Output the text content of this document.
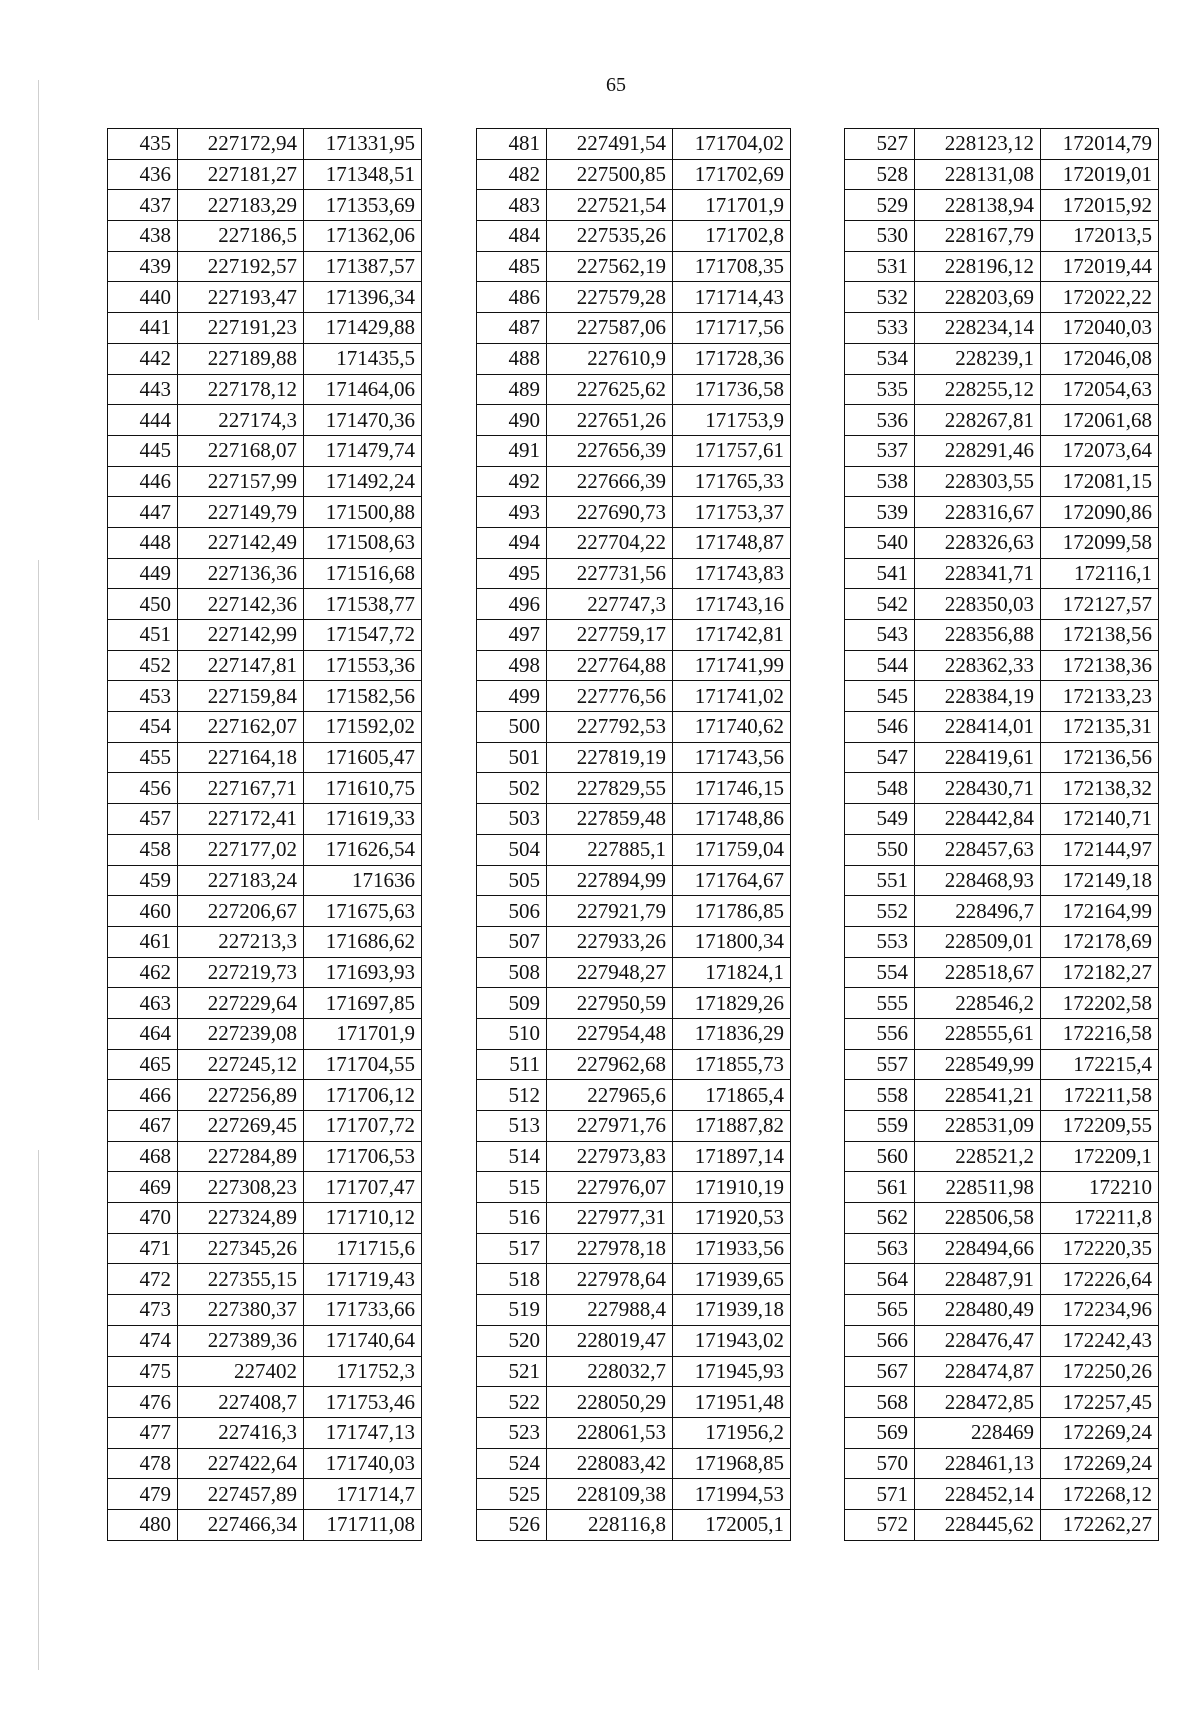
65
435	227172,94	171331,95
436	227181,27	171348,51
437	227183,29	171353,69
438	227186,5	171362,06
439	227192,57	171387,57
440	227193,47	171396,34
441	227191,23	171429,88
442	227189,88	171435,5
443	227178,12	171464,06
444	227174,3	171470,36
445	227168,07	171479,74
446	227157,99	171492,24
447	227149,79	171500,88
448	227142,49	171508,63
449	227136,36	171516,68
450	227142,36	171538,77
451	227142,99	171547,72
452	227147,81	171553,36
453	227159,84	171582,56
454	227162,07	171592,02
455	227164,18	171605,47
456	227167,71	171610,75
457	227172,41	171619,33
458	227177,02	171626,54
459	227183,24	171636
460	227206,67	171675,63
461	227213,3	171686,62
462	227219,73	171693,93
463	227229,64	171697,85
464	227239,08	171701,9
465	227245,12	171704,55
466	227256,89	171706,12
467	227269,45	171707,72
468	227284,89	171706,53
469	227308,23	171707,47
470	227324,89	171710,12
471	227345,26	171715,6
472	227355,15	171719,43
473	227380,37	171733,66
474	227389,36	171740,64
475	227402	171752,3
476	227408,7	171753,46
477	227416,3	171747,13
478	227422,64	171740,03
479	227457,89	171714,7
480	227466,34	171711,08
481	227491,54	171704,02
482	227500,85	171702,69
483	227521,54	171701,9
484	227535,26	171702,8
485	227562,19	171708,35
486	227579,28	171714,43
487	227587,06	171717,56
488	227610,9	171728,36
489	227625,62	171736,58
490	227651,26	171753,9
491	227656,39	171757,61
492	227666,39	171765,33
493	227690,73	171753,37
494	227704,22	171748,87
495	227731,56	171743,83
496	227747,3	171743,16
497	227759,17	171742,81
498	227764,88	171741,99
499	227776,56	171741,02
500	227792,53	171740,62
501	227819,19	171743,56
502	227829,55	171746,15
503	227859,48	171748,86
504	227885,1	171759,04
505	227894,99	171764,67
506	227921,79	171786,85
507	227933,26	171800,34
508	227948,27	171824,1
509	227950,59	171829,26
510	227954,48	171836,29
511	227962,68	171855,73
512	227965,6	171865,4
513	227971,76	171887,82
514	227973,83	171897,14
515	227976,07	171910,19
516	227977,31	171920,53
517	227978,18	171933,56
518	227978,64	171939,65
519	227988,4	171939,18
520	228019,47	171943,02
521	228032,7	171945,93
522	228050,29	171951,48
523	228061,53	171956,2
524	228083,42	171968,85
525	228109,38	171994,53
526	228116,8	172005,1
527	228123,12	172014,79
528	228131,08	172019,01
529	228138,94	172015,92
530	228167,79	172013,5
531	228196,12	172019,44
532	228203,69	172022,22
533	228234,14	172040,03
534	228239,1	172046,08
535	228255,12	172054,63
536	228267,81	172061,68
537	228291,46	172073,64
538	228303,55	172081,15
539	228316,67	172090,86
540	228326,63	172099,58
541	228341,71	172116,1
542	228350,03	172127,57
543	228356,88	172138,56
544	228362,33	172138,36
545	228384,19	172133,23
546	228414,01	172135,31
547	228419,61	172136,56
548	228430,71	172138,32
549	228442,84	172140,71
550	228457,63	172144,97
551	228468,93	172149,18
552	228496,7	172164,99
553	228509,01	172178,69
554	228518,67	172182,27
555	228546,2	172202,58
556	228555,61	172216,58
557	228549,99	172215,4
558	228541,21	172211,58
559	228531,09	172209,55
560	228521,2	172209,1
561	228511,98	172210
562	228506,58	172211,8
563	228494,66	172220,35
564	228487,91	172226,64
565	228480,49	172234,96
566	228476,47	172242,43
567	228474,87	172250,26
568	228472,85	172257,45
569	228469	172269,24
570	228461,13	172269,24
571	228452,14	172268,12
572	228445,62	172262,27
